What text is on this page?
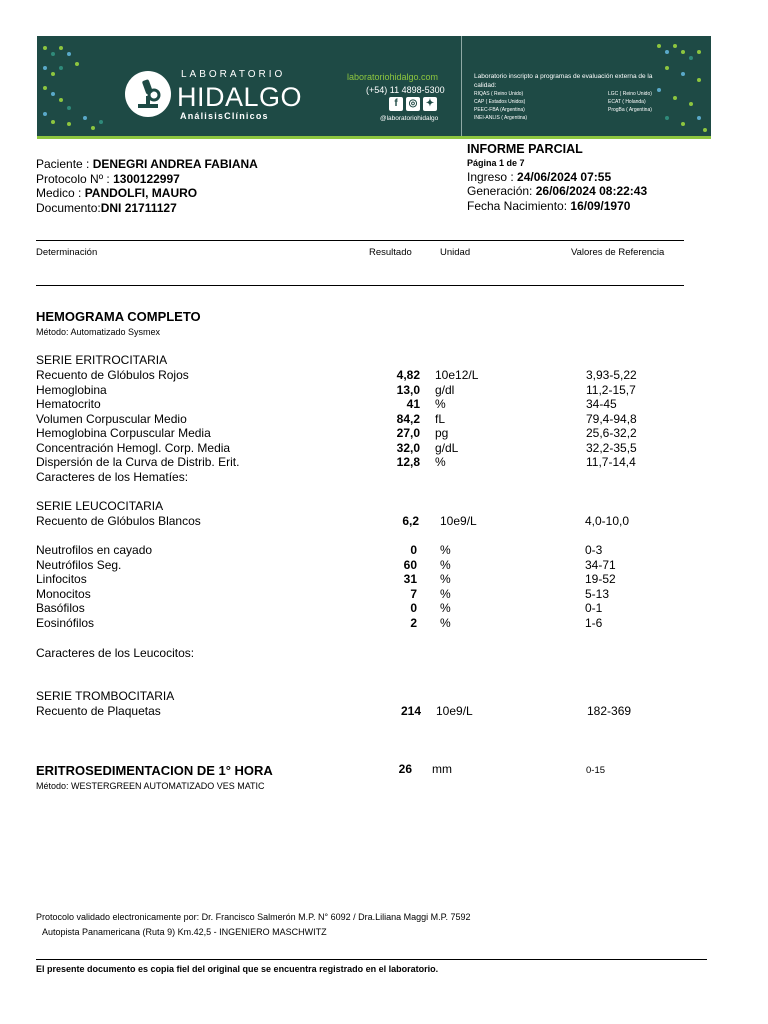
LABORATORIO
HIDALGO
AnálisisClínicos
laboratoriohidalgo.com
(+54) 11 4898-5300
f	◎ ✦
@laboratoriohidalgo
Laboratorio inscripto a programas de evaluación externa de la calidad:
RIQAS ( Reino Unido)
CAP ( Estados Unidos)
PEEC-FBA (Argentina)
INEI-ANLIS ( Argentina)
LGC ( Reino Unido)
ECAT ( Holanda)
ProgBa ( Argentina)
Paciente : DENEGRI ANDREA FABIANA
Protocolo Nº : 1300122997
Medico : PANDOLFI, MAURO
Documento:DNI 21711127
INFORME PARCIAL
Página 1 de 7
Ingreso : 24/06/2024 07:55
Generación: 26/06/2024 08:22:43
Fecha Nacimiento: 16/09/1970
Determinación	Resultado	Unidad	Valores de Referencia
HEMOGRAMA COMPLETO
Método: Automatizado Sysmex
SERIE ERITROCITARIA
Recuento de Glóbulos Rojos	4,82 10e12/L	3,93-5,22
Hemoglobina	13,0 g/dl	11,2-15,7
Hematocrito	41 %	34-45
Volumen Corpuscular Medio	84,2 fL	79,4-94,8
Hemoglobina Corpuscular Media	27,0 pg	25,6-32,2
Concentración Hemogl. Corp. Media	32,0 g/dL	32,2-35,5
Dispersión de la Curva de Distrib. Erit.	12,8 %	11,7-14,4
Caracteres de los Hematíes:
SERIE LEUCOCITARIA
Recuento de Glóbulos Blancos	6,2 10e9/L	4,0-10,0
Neutrofilos en cayado	0 %	0-3
Neutrófilos Seg.	60 %	34-71
Linfocitos	31 %	19-52
Monocitos	7 %	5-13
Basófilos	0 %	0-1
Eosinófilos	2 %	1-6
Caracteres de los Leucocitos:
SERIE TROMBOCITARIA
Recuento de Plaquetas	214 10e9/L	182-369
ERITROSEDIMENTACION DE 1° HORA	26 mm	0-15
Método: WESTERGREEN AUTOMATIZADO VES MATIC
Protocolo validado electronicamente por: Dr. Francisco Salmerón M.P. N° 6092 / Dra.Liliana Maggi M.P. 7592
Autopista Panamericana (Ruta 9) Km.42,5 - INGENIERO MASCHWITZ
El presente documento es copia fiel del original que se encuentra registrado en el laboratorio.
